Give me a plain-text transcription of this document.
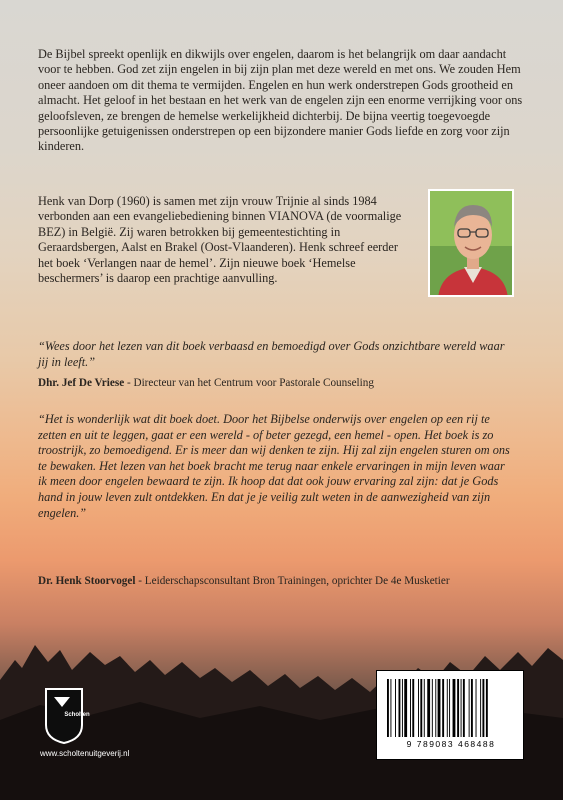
De Bijbel spreekt openlijk en dikwijls over engelen, daarom is het belangrijk om daar aandacht voor te hebben. God zet zijn engelen in bij zijn plan met deze wereld en met ons. We zouden Hem oneer aandoen om dit thema te vermijden. Engelen en hun werk onderstrepen Gods grootheid en almacht. Het geloof in het bestaan en het werk van de engelen zijn een enorme verrijking voor ons geloofsleven, ze brengen de hemelse werkelijkheid dichterbij. De bijna veertig toegevoegde persoonlijke getuigenissen onderstrepen op een bijzondere manier Gods liefde en zorg voor zijn kinderen.

Henk van Dorp (1960) is samen met zijn vrouw Trijnie al sinds 1984 verbonden aan een evangeliebediening binnen VIANOVA (de voormalige BEZ) in België. Zij waren betrokken bij gemeentestichting in Geraardsbergen, Aalst en Brakel (Oost-Vlaanderen). Henk schreef eerder het boek ‘Verlangen naar de hemel’. Zijn nieuwe boek ‘Hemelse beschermers’ is daarop een prachtige aanvulling.

“Wees door het lezen van dit boek verbaasd en bemoedigd over Gods onzichtbare wereld waar jij in leeft.”

Dhr. Jef De Vriese - Directeur van het Centrum voor Pastorale Counseling

“Het is wonderlijk wat dit boek doet. Door het Bijbelse onderwijs over engelen op een rij te zetten en uit te leggen, gaat er een wereld - of beter gezegd, een hemel - open. Het boek is zo troostrijk, zo bemoedigend. Er is meer dan wij denken te zijn. Hij zal zijn engelen sturen om ons te bewaken. Het lezen van het boek bracht me terug naar enkele ervaringen in mijn leven waar ik meen door engelen bewaard te zijn. Ik hoop dat dat ook jouw ervaring zal zijn: dat je Gods hand in jouw leven zult ontdekken. En dat je je veilig zult weten in de aanwezigheid van zijn engelen.”

Dr. Henk Stoorvogel - Leiderschapsconsultant Bron Trainingen, oprichter De 4e Musketier

Scholten
www.scholtenuitgeverij.nl
9 789083 468488
